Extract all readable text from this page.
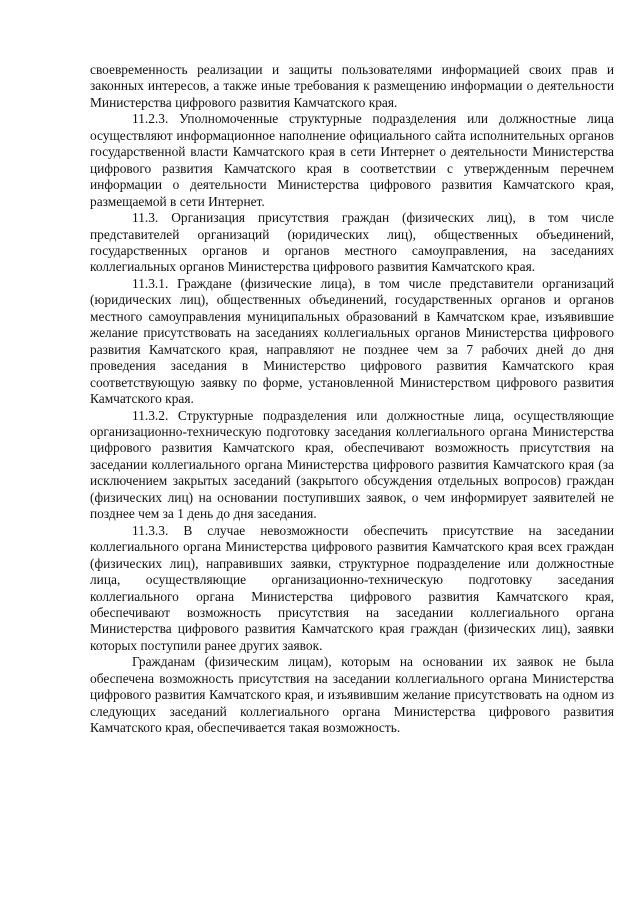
своевременность реализации и защиты пользователями информацией своих прав и законных интересов, а также иные требования к размещению информации о деятельности Министерства цифрового развития Камчатского края.

11.2.3. Уполномоченные структурные подразделения или должностные лица осуществляют информационное наполнение официального сайта исполнительных органов государственной власти Камчатского края в сети Интернет о деятельности Министерства цифрового развития Камчатского края в соответствии с утвержденным перечнем информации о деятельности Министерства цифрового развития Камчатского края, размещаемой в сети Интернет.

11.3. Организация присутствия граждан (физических лиц), в том числе представителей организаций (юридических лиц), общественных объединений, государственных органов и органов местного самоуправления, на заседаниях коллегиальных органов Министерства цифрового развития Камчатского края.

11.3.1. Граждане (физические лица), в том числе представители организаций (юридических лиц), общественных объединений, государственных органов и органов местного самоуправления муниципальных образований в Камчатском крае, изъявившие желание присутствовать на заседаниях коллегиальных органов Министерства цифрового развития Камчатского края, направляют не позднее чем за 7 рабочих дней до дня проведения заседания в Министерство цифрового развития Камчатского края соответствующую заявку по форме, установленной Министерством цифрового развития Камчатского края.

11.3.2. Структурные подразделения или должностные лица, осуществляющие организационно-техническую подготовку заседания коллегиального органа Министерства цифрового развития Камчатского края, обеспечивают возможность присутствия на заседании коллегиального органа Министерства цифрового развития Камчатского края (за исключением закрытых заседаний (закрытого обсуждения отдельных вопросов) граждан (физических лиц) на основании поступивших заявок, о чем информирует заявителей не позднее чем за 1 день до дня заседания.

11.3.3. В случае невозможности обеспечить присутствие на заседании коллегиального органа Министерства цифрового развития Камчатского края всех граждан (физических лиц), направивших заявки, структурное подразделение или должностные лица, осуществляющие организационно-техническую подготовку заседания коллегиального органа Министерства цифрового развития Камчатского края, обеспечивают возможность присутствия на заседании коллегиального органа Министерства цифрового развития Камчатского края граждан (физических лиц), заявки которых поступили ранее других заявок.

Гражданам (физическим лицам), которым на основании их заявок не была обеспечена возможность присутствия на заседании коллегиального органа Министерства цифрового развития Камчатского края, и изъявившим желание присутствовать на одном из следующих заседаний коллегиального органа Министерства цифрового развития Камчатского края, обеспечивается такая возможность.
